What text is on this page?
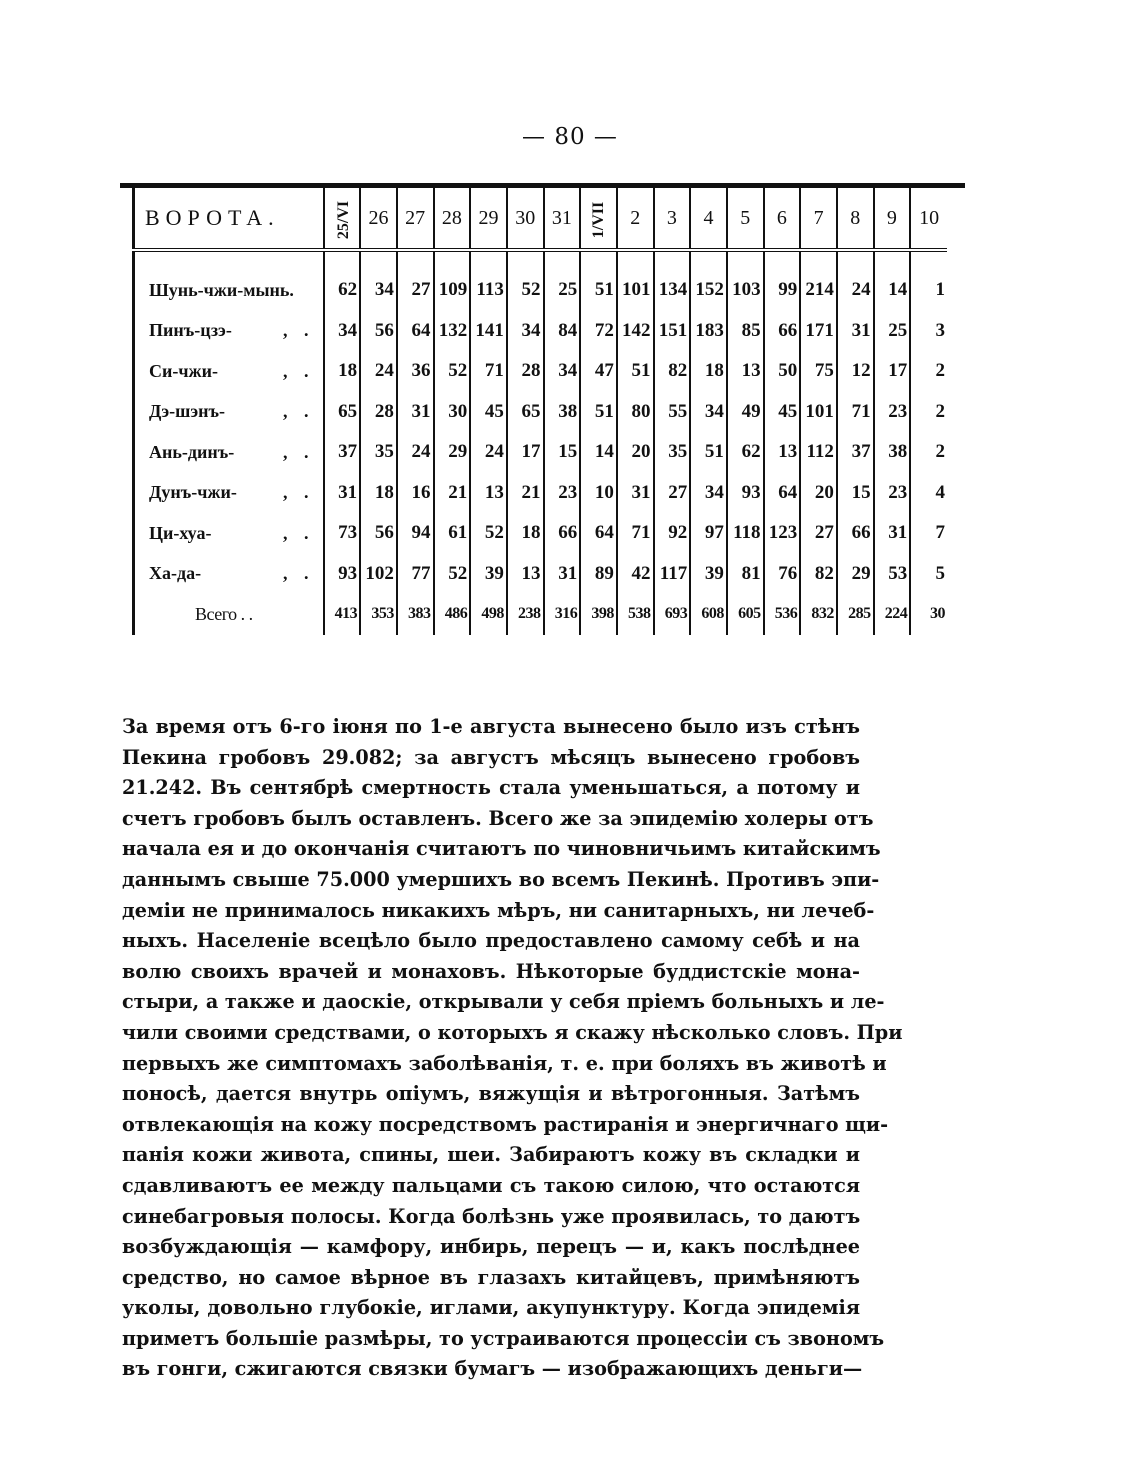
— 80 —
ВОРОТА.	25/VI	26	27	28	29	30	31	1/VII	2	3	4	5	6	7	8	9	10
Шунь-чжи-мынь.	62	34	27	109	113	52	25	51	101	134	152	103	99	214	24	14	1
Пинъ-цзэ- , .	34	56	64	132	141	34	84	72	142	151	183	85	66	171	31	25	3
Си-чжи- , .	18	24	36	52	71	28	34	47	51	82	18	13	50	75	12	17	2
Дэ-шэнъ- , .	65	28	31	30	45	65	38	51	80	55	34	49	45	101	71	23	2
Ань-динъ- , .	37	35	24	29	24	17	15	14	20	35	51	62	13	112	37	38	2
Дунъ-чжи- , .	31	18	16	21	13	21	23	10	31	27	34	93	64	20	15	23	4
Ци-хуа- , .	73	56	94	61	52	18	66	64	71	92	97	118	123	27	66	31	7
Ха-да- , .	93	102	77	52	39	13	31	89	42	117	39	81	76	82	29	53	5
Всего . .	413	353	383	486	498	238	316	398	538	693	608	605	536	832	285	224	30
За время отъ 6-го іюня по 1-е августа вынесено было изъ стѣнъ
Пекина гробовъ 29.082; за августъ мѣсяцъ вынесено гробовъ
21.242. Въ сентябрѣ смертность стала уменьшаться, а потому и
счетъ гробовъ былъ оставленъ. Всего же за эпидемію холеры отъ
начала ея и до окончанія считаютъ по чиновничьимъ китайскимъ
даннымъ свыше 75.000 умершихъ во всемъ Пекинѣ. Противъ эпи-
деміи не принималось никакихъ мѣръ, ни санитарныхъ, ни лечеб-
ныхъ. Населеніе всецѣло было предоставлено самому себѣ и на
волю своихъ врачей и монаховъ. Нѣкоторые буддистскіе мона-
стыри, а также и даоскіе, открывали у себя пріемъ больныхъ и ле-
чили своими средствами, о которыхъ я скажу нѣсколько словъ. При
первыхъ же симптомахъ заболѣванія, т. е. при боляхъ въ животѣ и
поносѣ, дается внутрь опіумъ, вяжущія и вѣтрогонныя. Затѣмъ
отвлекающія на кожу посредствомъ растиранія и энергичнаго щи-
панія кожи живота, спины, шеи. Забираютъ кожу въ складки и
сдавливаютъ ее между пальцами съ такою силою, что остаются
синебагровыя полосы. Когда болѣзнь уже проявилась, то даютъ
возбуждающія — камфору, инбирь, перецъ — и, какъ послѣднее
средство, но самое вѣрное въ глазахъ китайцевъ, примѣняютъ
уколы, довольно глубокіе, иглами, акупунктуру. Когда эпидемія
приметъ большіе размѣры, то устраиваются процессіи съ звономъ
въ гонги, сжигаются связки бумагъ — изображающихъ деньги—
